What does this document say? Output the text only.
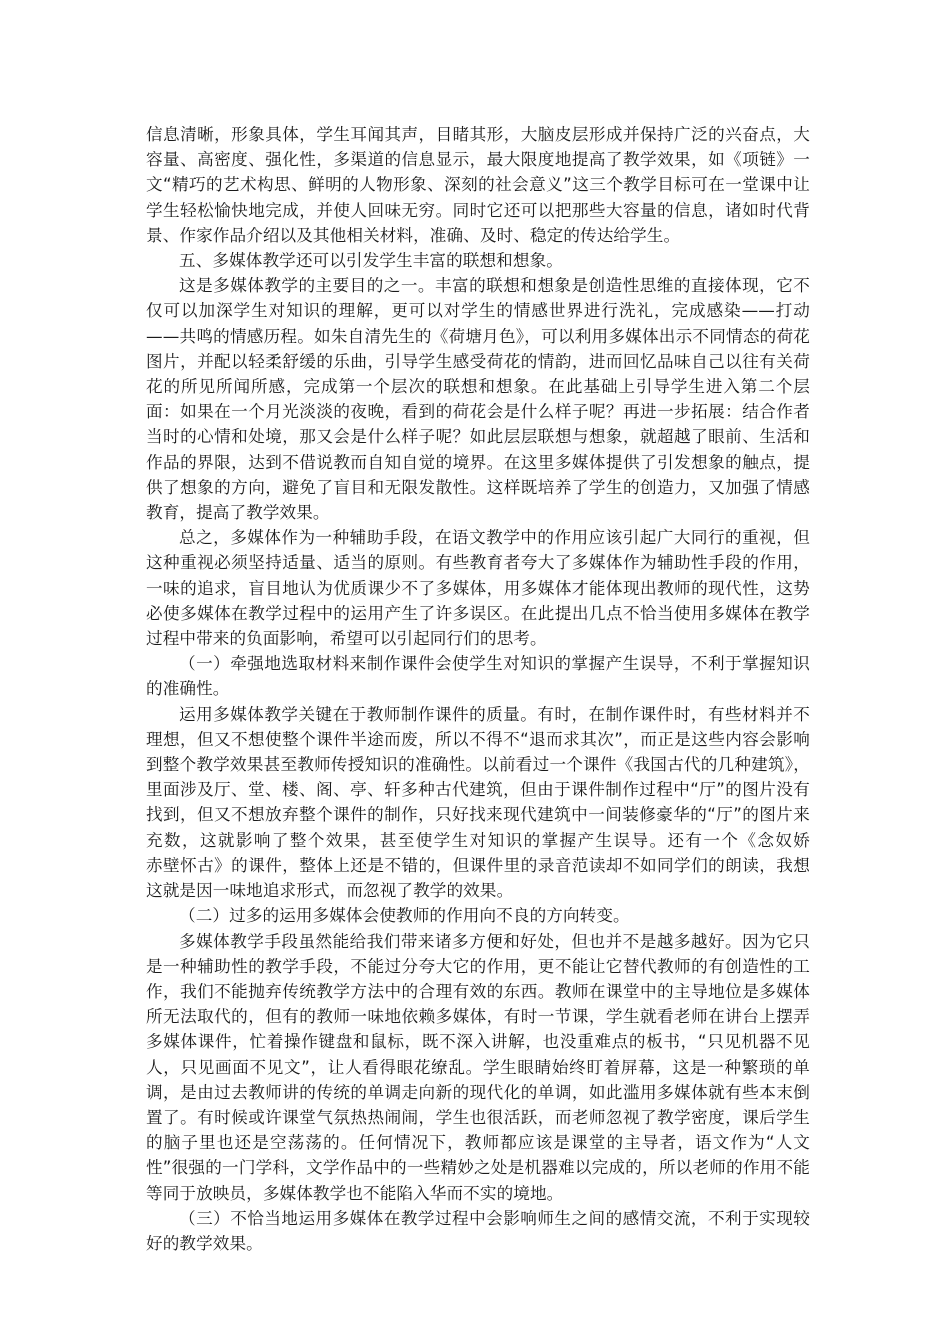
信息清晰，形象具体，学生耳闻其声，目睹其形，大脑皮层形成并保持广泛的兴奋点，大容量、高密度、强化性，多渠道的信息显示，最大限度地提高了教学效果，如《项链》一文“精巧的艺术构思、鲜明的人物形象、深刻的社会意义”这三个教学目标可在一堂课中让学生轻松愉快地完成，并使人回味无穷。同时它还可以把那些大容量的信息，诸如时代背景、作家作品介绍以及其他相关材料，准确、及时、稳定的传达给学生。

五、多媒体教学还可以引发学生丰富的联想和想象。

这是多媒体教学的主要目的之一。丰富的联想和想象是创造性思维的直接体现，它不仅可以加深学生对知识的理解，更可以对学生的情感世界进行洗礼，完成感染——打动——共鸣的情感历程。如朱自清先生的《荷塘月色》，可以利用多媒体出示不同情态的荷花图片，并配以轻柔舒缓的乐曲，引导学生感受荷花的情韵，进而回忆品味自己以往有关荷花的所见所闻所感，完成第一个层次的联想和想象。在此基础上引导学生进入第二个层面：如果在一个月光淡淡的夜晚，看到的荷花会是什么样子呢？再进一步拓展：结合作者当时的心情和处境，那又会是什么样子呢？如此层层联想与想象，就超越了眼前、生活和作品的界限，达到不借说教而自知自觉的境界。在这里多媒体提供了引发想象的触点，提供了想象的方向，避免了盲目和无限发散性。这样既培养了学生的创造力，又加强了情感教育，提高了教学效果。

总之，多媒体作为一种辅助手段，在语文教学中的作用应该引起广大同行的重视，但这种重视必须坚持适量、适当的原则。有些教育者夸大了多媒体作为辅助性手段的作用，一味的追求，盲目地认为优质课少不了多媒体，用多媒体才能体现出教师的现代性，这势必使多媒体在教学过程中的运用产生了许多误区。在此提出几点不恰当使用多媒体在教学过程中带来的负面影响，希望可以引起同行们的思考。

（一）牵强地选取材料来制作课件会使学生对知识的掌握产生误导，不利于掌握知识的准确性。

运用多媒体教学关键在于教师制作课件的质量。有时，在制作课件时，有些材料并不理想，但又不想使整个课件半途而废，所以不得不“退而求其次”，而正是这些内容会影响到整个教学效果甚至教师传授知识的准确性。以前看过一个课件《我国古代的几种建筑》，里面涉及厅、堂、楼、阁、亭、轩多种古代建筑，但由于课件制作过程中“厅”的图片没有找到，但又不想放弃整个课件的制作，只好找来现代建筑中一间装修豪华的“厅”的图片来充数，这就影响了整个效果，甚至使学生对知识的掌握产生误导。还有一个《念奴娇　　　赤壁怀古》的课件，整体上还是不错的，但课件里的录音范读却不如同学们的朗读，我想这就是因一味地追求形式，而忽视了教学的效果。

（二）过多的运用多媒体会使教师的作用向不良的方向转变。

多媒体教学手段虽然能给我们带来诸多方便和好处，但也并不是越多越好。因为它只是一种辅助性的教学手段，不能过分夸大它的作用，更不能让它替代教师的有创造性的工作，我们不能抛弃传统教学方法中的合理有效的东西。教师在课堂中的主导地位是多媒体所无法取代的，但有的教师一味地依赖多媒体，有时一节课，学生就看老师在讲台上摆弄多媒体课件，忙着操作键盘和鼠标，既不深入讲解，也没重难点的板书，“只见机器不见人，只见画面不见文”，让人看得眼花缭乱。学生眼睛始终盯着屏幕，这是一种繁琐的单调，是由过去教师讲的传统的单调走向新的现代化的单调，如此滥用多媒体就有些本末倒置了。有时候或许课堂气氛热热闹闹，学生也很活跃，而老师忽视了教学密度，课后学生的脑子里也还是空荡荡的。任何情况下，教师都应该是课堂的主导者，语文作为“人文性”很强的一门学科，文学作品中的一些精妙之处是机器难以完成的，所以老师的作用不能等同于放映员，多媒体教学也不能陷入华而不实的境地。

（三）不恰当地运用多媒体在教学过程中会影响师生之间的感情交流，不利于实现较好的教学效果。
